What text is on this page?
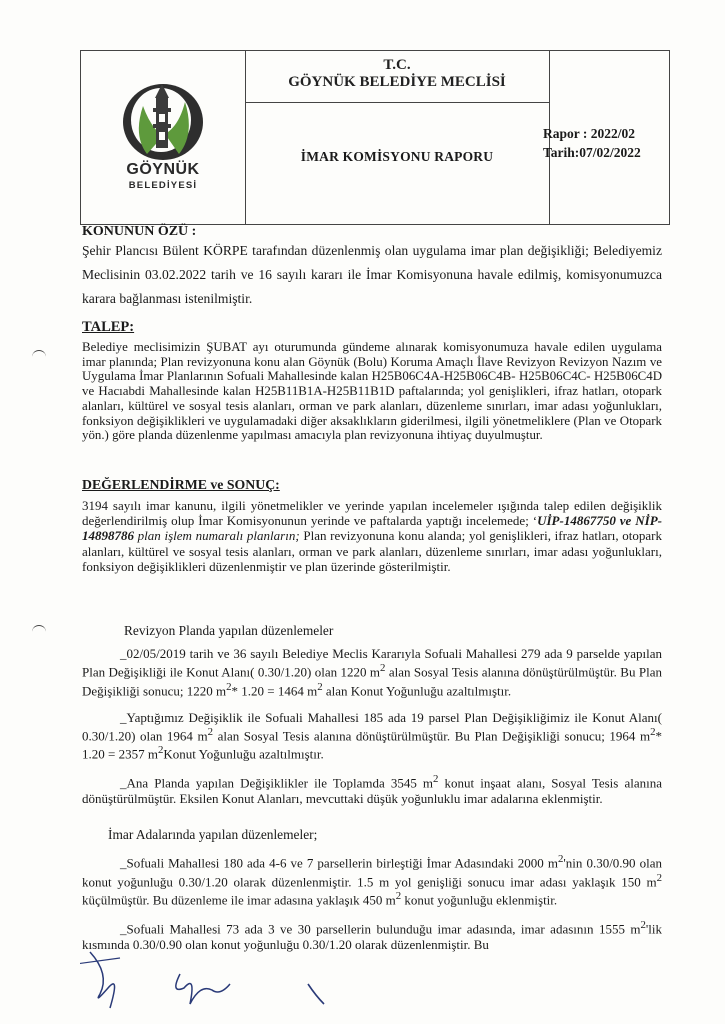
1923
GÖYNÜK
BELEDİYESİ
T.C.
GÖYNÜK BELEDİYE MECLİSİ
İMAR KOMİSYONU RAPORU
Rapor : 2022/02
Tarih:07/02/2022

KONUNUN ÖZÜ :

Şehir Plancısı Bülent KÖRPE tarafından düzenlenmiş olan uygulama imar plan değişikliği; Belediyemiz Meclisinin 03.02.2022 tarih ve 16 sayılı kararı ile İmar Komisyonuna havale edilmiş, komisyonumuzca karara bağlanması istenilmiştir.

TALEP:

Belediye meclisimizin ŞUBAT ayı oturumunda gündeme alınarak komisyonumuza havale edilen uygulama imar planında; Plan revizyonuna konu alan Göynük (Bolu) Koruma Amaçlı İlave Revizyon Revizyon Nazım ve Uygulama İmar Planlarının Sofuali Mahallesinde kalan H25B06C4A-H25B06C4B- H25B06C4C- H25B06C4D ve Hacıabdi Mahallesinde kalan H25B11B1A-H25B11B1D paftalarında; yol genişlikleri, ifraz hatları, otopark alanları, kültürel ve sosyal tesis alanları, orman ve park alanları, düzenleme sınırları, imar adası yoğunlukları, fonksiyon değişiklikleri ve uygulamadaki diğer aksaklıkların giderilmesi, ilgili yönetmeliklere (Plan ve Otopark yön.) göre planda düzenlenme yapılması amacıyla plan revizyonuna ihtiyaç duyulmuştur.

DEĞERLENDİRME ve SONUÇ:

3194 sayılı imar kanunu, ilgili yönetmelikler ve yerinde yapılan incelemeler ışığında talep edilen değişiklik değerlendirilmiş olup İmar Komisyonunun yerinde ve paftalarda yaptığı incelemede; ‘UİP-14867750 ve NİP-14898786 plan işlem numaralı planların; Plan revizyonuna konu alanda; yol genişlikleri, ifraz hatları, otopark alanları, kültürel ve sosyal tesis alanları, orman ve park alanları, düzenleme sınırları, imar adası yoğunlukları, fonksiyon değişiklikleri düzenlenmiştir ve plan üzerinde gösterilmiştir.

Revizyon Planda yapılan düzenlemeler

_02/05/2019 tarih ve 36 sayılı Belediye Meclis Kararıyla Sofuali Mahallesi 279 ada 9 parselde yapılan Plan Değişikliği ile Konut Alanı( 0.30/1.20) olan 1220 $m^2$ alan Sosyal Tesis alanına dönüştürülmüştür. Bu Plan Değişikliği sonucu; 1220 $m^2*$ 1.20 = 1464 $m^2$ alan Konut Yoğunluğu azaltılmıştır.

_Yaptığımız Değişiklik ile Sofuali Mahallesi 185 ada 19 parsel Plan Değişikliğimiz ile Konut Alanı( 0.30/1.20) olan 1964 $m^2$ alan Sosyal Tesis alanına dönüştürülmüştür. Bu Plan Değişikliği sonucu; 1964 $m^2*$ 1.20 = 2357 $m^2Konut$ Yoğunluğu azaltılmıştır.

_Ana Planda yapılan Değişiklikler ile Toplamda 3545 $m^2$ konut inşaat alanı, Sosyal Tesis alanına dönüştürülmüştür. Eksilen Konut Alanları, mevcuttaki düşük yoğunluklu imar adalarına eklenmiştir.

İmar Adalarında yapılan düzenlemeler;

_Sofuali Mahallesi 180 ada 4-6 ve 7 parsellerin birleştiği İmar Adasındaki 2000 $m^2'nin$ 0.30/0.90 olan konut yoğunluğu 0.30/1.20 olarak düzenlenmiştir. 1.5 m yol genişliği sonucu imar adası yaklaşık 150 $m^2$ küçülmüştür. Bu düzenleme ile imar adasına yaklaşık 450 $m^2$ konut yoğunluğu eklenmiştir.

_Sofuali Mahallesi 73 ada 3 ve 30 parsellerin bulunduğu imar adasında, imar adasının 1555 $m^2'lik$ kısmında 0.30/0.90 olan konut yoğunluğu 0.30/1.20 olarak düzenlenmiştir. Bu
